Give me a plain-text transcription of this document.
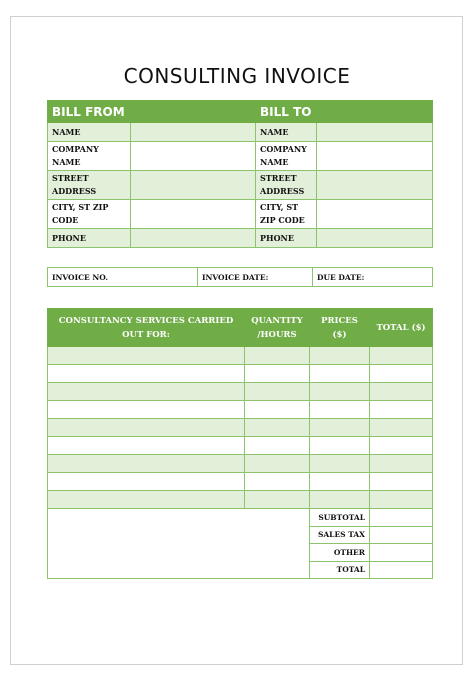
CONSULTING INVOICE
BILL FROM		BILL TO	
NAME		NAME	
COMPANY NAME		COMPANY NAME	
STREET ADDRESS		STREET ADDRESS	
CITY, ST ZIP CODE		CITY, ST ZIP CODE	
PHONE		PHONE	
INVOICE NO.	INVOICE DATE:	DUE DATE:
CONSULTANCY SERVICES CARRIED OUT FOR:	QUANTITY /HOURS	PRICES ($)	TOTAL ($)

		SUBTOTAL	
		SALES TAX	
		OTHER	
		TOTAL	
